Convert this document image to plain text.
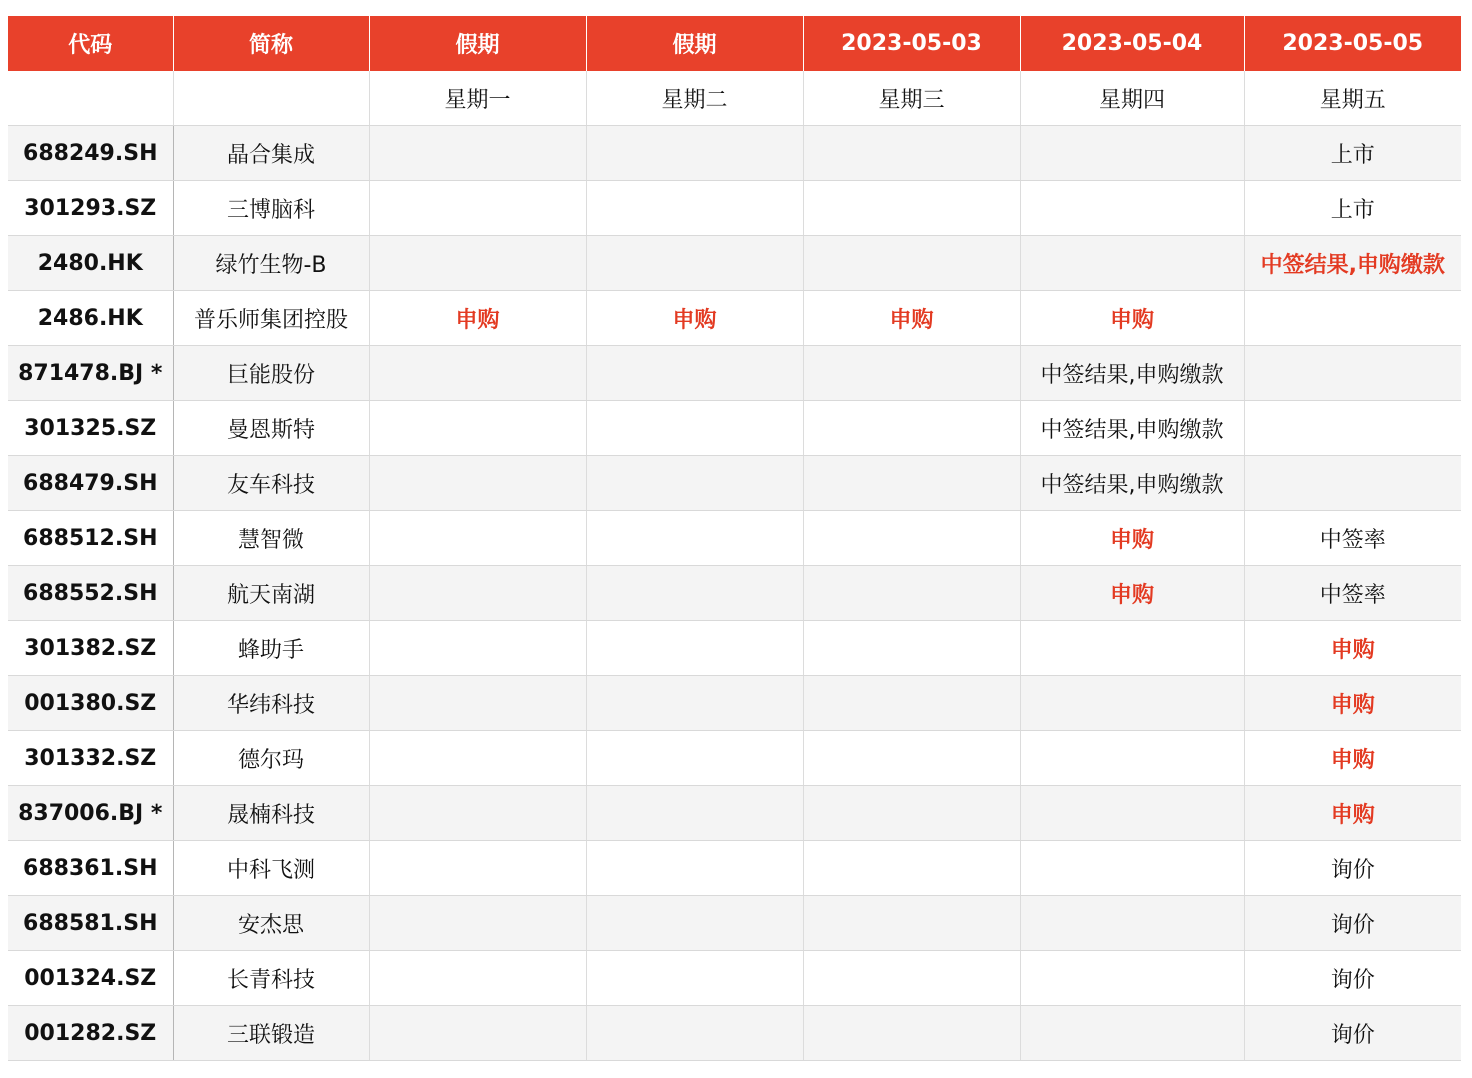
代码	简称	假期	假期	2023-05-03	2023-05-04	2023-05-05
		星期一	星期二	星期三	星期四	星期五
688249.SH	晶合集成					上市
301293.SZ	三博脑科					上市
2480.HK	绿竹生物-B					中签结果,申购缴款
2486.HK	普乐师集团控股	申购	申购	申购	申购	
871478.BJ *	巨能股份				中签结果,申购缴款	
301325.SZ	曼恩斯特				中签结果,申购缴款	
688479.SH	友车科技				中签结果,申购缴款	
688512.SH	慧智微				申购	中签率
688552.SH	航天南湖				申购	中签率
301382.SZ	蜂助手					申购
001380.SZ	华纬科技					申购
301332.SZ	德尔玛					申购
837006.BJ *	晟楠科技					申购
688361.SH	中科飞测					询价
688581.SH	安杰思					询价
001324.SZ	长青科技					询价
001282.SZ	三联锻造					询价
